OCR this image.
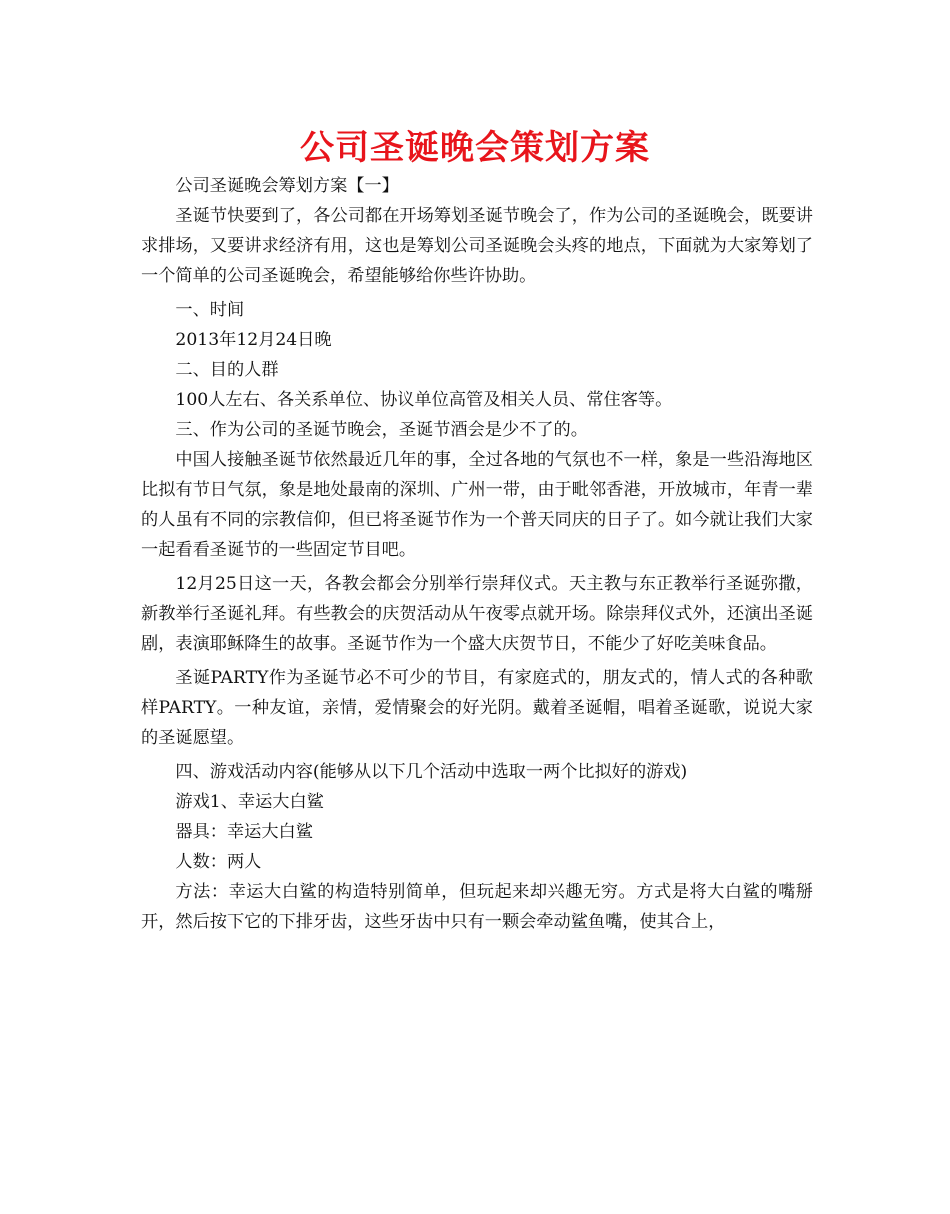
公司圣诞晚会策划方案

公司圣诞晚会筹划方案【一】

圣诞节快要到了，各公司都在开场筹划圣诞节晚会了，作为公司的圣诞晚会，既要讲求排场，又要讲求经济有用，这也是筹划公司圣诞晚会头疼的地点，下面就为大家筹划了一个简单的公司圣诞晚会，希望能够给你些许协助。

一、时间

2013年12月24日晚

二、目的人群

100人左右、各关系单位、协议单位高管及相关人员、常住客等。

三、作为公司的圣诞节晚会，圣诞节酒会是少不了的。

中国人接触圣诞节依然最近几年的事，全过各地的气氛也不一样，象是一些沿海地区比拟有节日气氛，象是地处最南的深圳、广州一带，由于毗邻香港，开放城市，年青一辈的人虽有不同的宗教信仰，但已将圣诞节作为一个普天同庆的日子了。如今就让我们大家一起看看圣诞节的一些固定节目吧。

12月25日这一天，各教会都会分别举行崇拜仪式。天主教与东正教举行圣诞弥撒，新教举行圣诞礼拜。有些教会的庆贺活动从午夜零点就开场。除崇拜仪式外，还演出圣诞剧，表演耶稣降生的故事。圣诞节作为一个盛大庆贺节日，不能少了好吃美味食品。

圣诞PARTY作为圣诞节必不可少的节目，有家庭式的，朋友式的，情人式的各种歌样PARTY。一种友谊，亲情，爱情聚会的好光阴。戴着圣诞帽，唱着圣诞歌，说说大家的圣诞愿望。

四、游戏活动内容(能够从以下几个活动中选取一两个比拟好的游戏)

游戏1、幸运大白鲨

器具：幸运大白鲨

人数：两人

方法：幸运大白鲨的构造特别简单，但玩起来却兴趣无穷。方式是将大白鲨的嘴掰开，然后按下它的下排牙齿，这些牙齿中只有一颗会牵动鲨鱼嘴，使其合上，
